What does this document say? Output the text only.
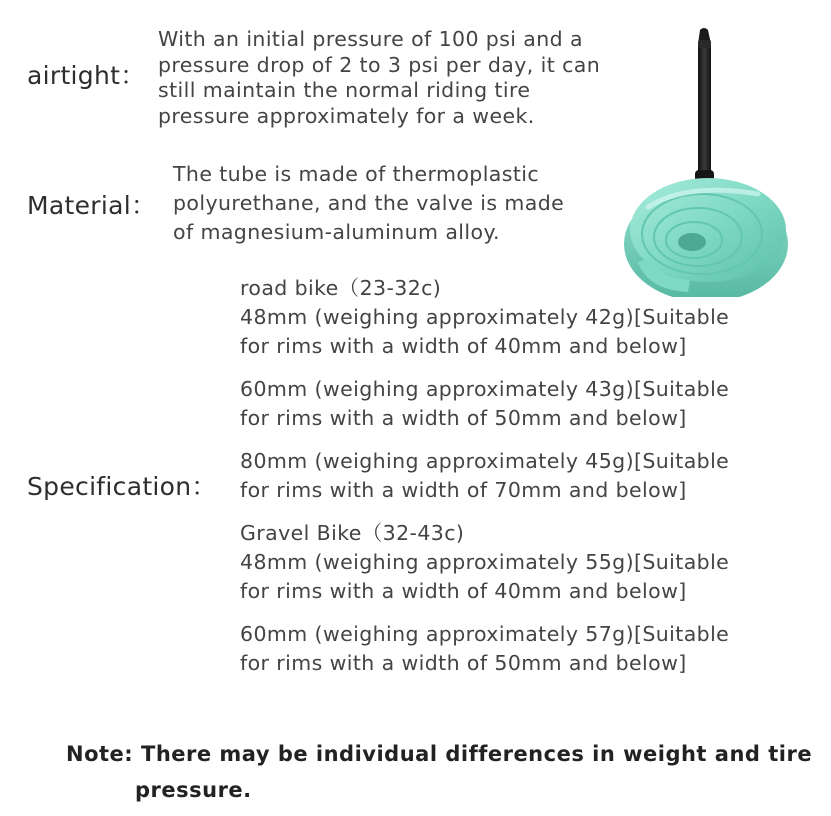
airtight：
With an initial pressure of 100 psi and a
pressure drop of 2 to 3 psi per day, it can
still maintain the normal riding tire
pressure approximately for a week.
Material：
The tube is made of thermoplastic
polyurethane, and the valve is made
of magnesium-aluminum alloy.
Specification：
road bike（23-32c)
48mm (weighing approximately 42g)[Suitable
for rims with a width of 40mm and below]
60mm (weighing approximately 43g)[Suitable
for rims with a width of 50mm and below]
80mm (weighing approximately 45g)[Suitable
for rims with a width of 70mm and below]
Gravel Bike（32-43c)
48mm (weighing approximately 55g)[Suitable
for rims with a width of 40mm and below]
60mm (weighing approximately 57g)[Suitable
for rims with a width of 50mm and below]
Note: There may be individual differences in weight and tire
pressure.
